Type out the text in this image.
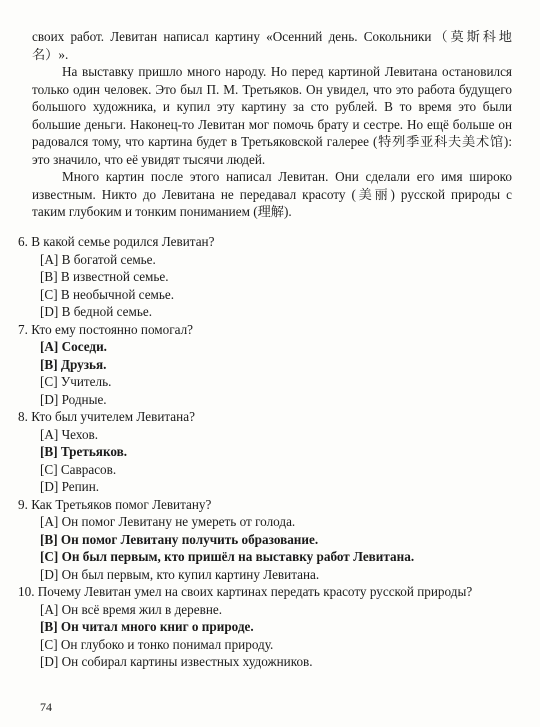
своих работ. Левитан написал картину «Осенний день. Сокольники（莫斯科地名）».

На выставку пришло много народу. Но перед картиной Левитана остановился только один человек. Это был П. М. Третьяков. Он увидел, что это работа будущего большого художника, и купил эту картину за сто рублей. В то время это были большие деньги. Наконец-то Левитан мог помочь брату и сестре. Но ещё больше он радовался тому, что картина будет в Третьяковской галерее (特列季亚科夫美术馆): это значило, что её увидят тысячи людей.

Много картин после этого написал Левитан. Они сделали его имя широко известным. Никто до Левитана не передавал красоту (美丽) русской природы с таким глубоким и тонким пониманием (理解).

6. В какой семье родился Левитан?
[A] В богатой семье.
[B] В известной семье.
[C] В необычной семье.
[D] В бедной семье.
7. Кто ему постоянно помогал?
[A] Соседи.
[B] Друзья.
[C] Учитель.
[D] Родные.
8. Кто был учителем Левитана?
[A] Чехов.
[B] Третьяков.
[C] Саврасов.
[D] Репин.
9. Как Третьяков помог Левитану?
[A] Он помог Левитану не умереть от голода.
[B] Он помог Левитану получить образование.
[C] Он был первым, кто пришёл на выставку работ Левитана.
[D] Он был первым, кто купил картину Левитана.
10. Почему Левитан умел на своих картинах передать красоту русской природы?
[A] Он всё время жил в деревне.
[B] Он читал много книг о природе.
[C] Он глубоко и тонко понимал природу.
[D] Он собирал картины известных художников.
74
